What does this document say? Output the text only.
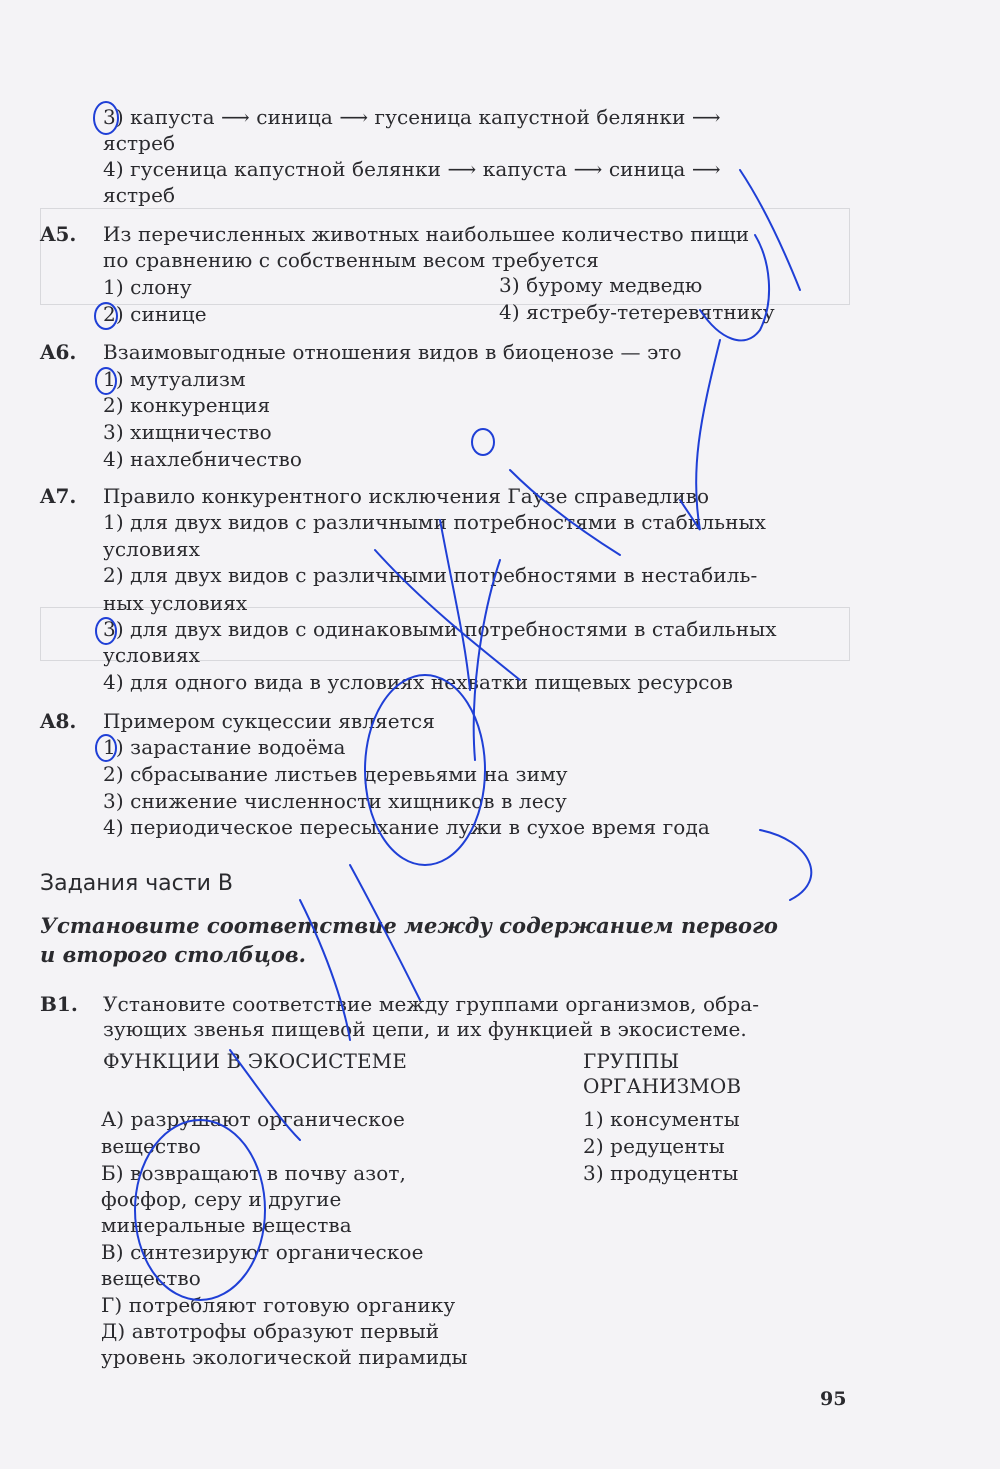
3) капуста ⟶ синица ⟶ гусеница капустной белянки ⟶
ястреб
4) гусеница капустной белянки ⟶ капуста ⟶ синица ⟶
ястреб
A5. Из перечисленных животных наибольшее количество пищи
по сравнению с собственным весом требуется
1) слону
2) синице
3) бурому медведю
4) ястребу-тетеревятнику
A6. Взаимовыгодные отношения видов в биоценозе — это
1) мутуализм
2) конкуренция
3) хищничество
4) нахлебничество
A7. Правило конкурентного исключения Гаузе справедливо
1) для двух видов с различными потребностями в стабильных
условиях
2) для двух видов с различными потребностями в нестабиль-
ных условиях
3) для двух видов с одинаковыми потребностями в стабильных
условиях
4) для одного вида в условиях нехватки пищевых ресурсов
A8. Примером сукцессии является
1) зарастание водоёма
2) сбрасывание листьев деревьями на зиму
3) снижение численности хищников в лесу
4) периодическое пересыхание лужи в сухое время года
Задания части В
Установите соответствие между содержанием первого
и второго столбцов.
B1. Установите соответствие между группами организмов, обра-
зующих звенья пищевой цепи, и их функцией в экосистеме.
ФУНКЦИИ В ЭКОСИСТЕМЕ	ГРУППЫ
ОРГАНИЗМОВ
А) разрушают органическое
вещество
Б) возвращают в почву азот,
фосфор, серу и другие
минеральные вещества
В) синтезируют органическое
вещество
Г) потребляют готовую органику
Д) автотрофы образуют первый
уровень экологической пирамиды
1) консументы
2) редуценты
3) продуценты
95
